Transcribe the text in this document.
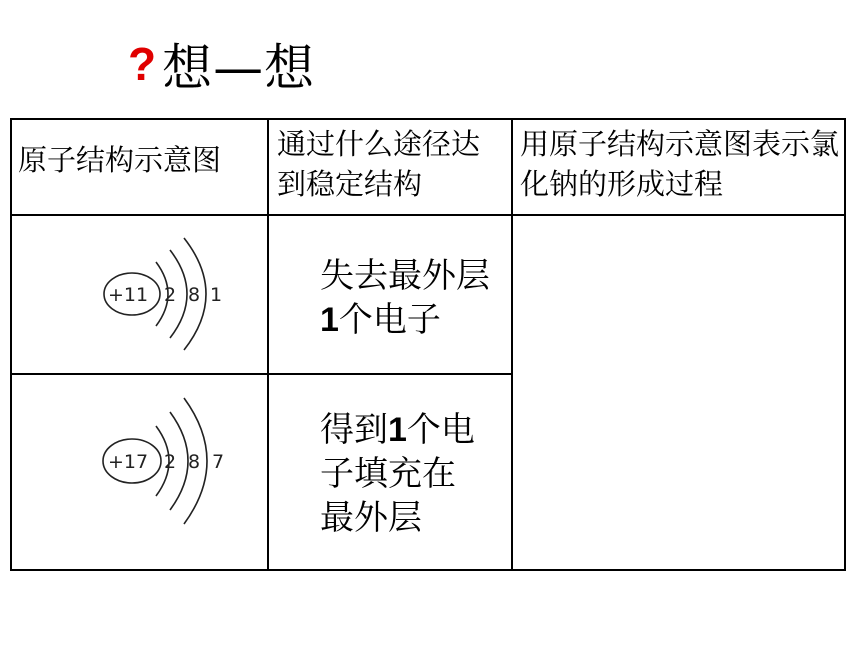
? 想—想
原子结构示意图	通过什么途径达到稳定结构
用原子结构示意图表示氯化钠的形成过程
+11 2 8 1	失去最外层
1个电子
+17 2 8 7
得到1个电
子填充在
最外层
